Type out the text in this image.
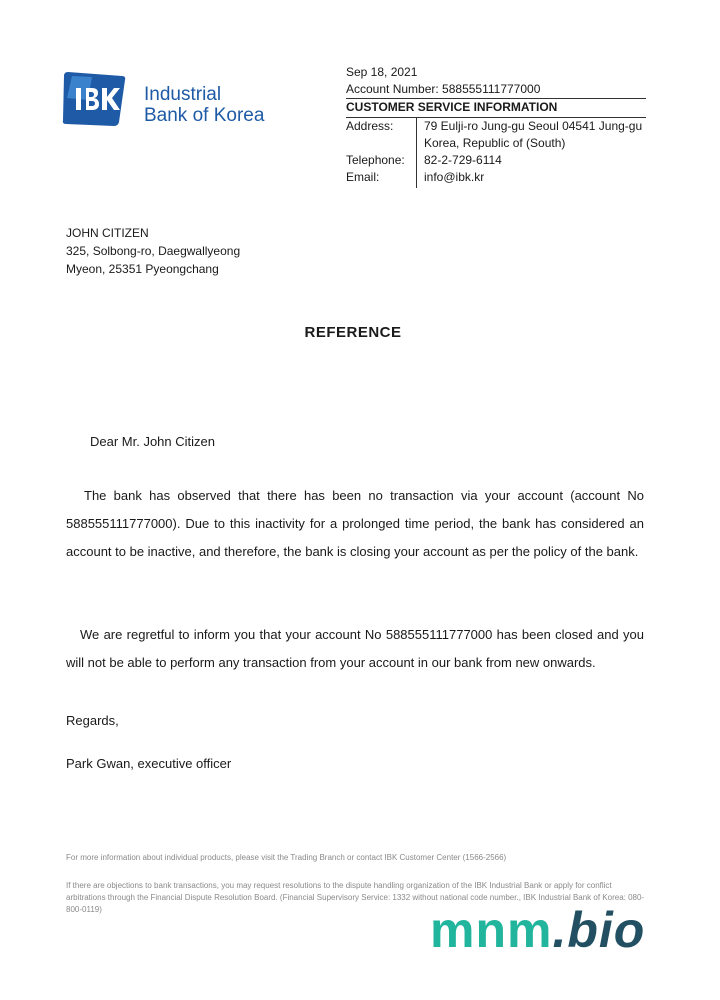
Industrial
Bank of Korea
Sep 18, 2021
Account Number: 588555111777000
CUSTOMER SERVICE INFORMATION
Address:
Telephone:
Email:
79 Eulji-ro Jung-gu Seoul 04541 Jung-gu
Korea, Republic of (South)
82-2-729-6114
info@ibk.kr
JOHN CITIZEN
325, Solbong-ro, Daegwallyeong
Myeon, 25351 Pyeongchang
REFERENCE
Dear Mr. John Citizen
The bank has observed that there has been no transaction via your account (account No 588555111777000). Due to this inactivity for a prolonged time period, the bank has considered an account to be inactive, and therefore, the bank is closing your account as per the policy of the bank.
We are regretful to inform you that your account No 588555111777000 has been closed and you will not be able to perform any transaction from your account in our bank from new onwards.
Regards,
Park Gwan, executive officer
For more information about individual products, please visit the Trading Branch or contact IBK Customer Center (1566-2566)
If there are objections to bank transactions, you may request resolutions to the dispute handling organization of the IBK Industrial Bank or apply for conflict arbitrations through the Financial Dispute Resolution Board. (Financial Supervisory Service: 1332 without national code number., IBK Industrial Bank of Korea: 080-800-0119)	mnm.bio
